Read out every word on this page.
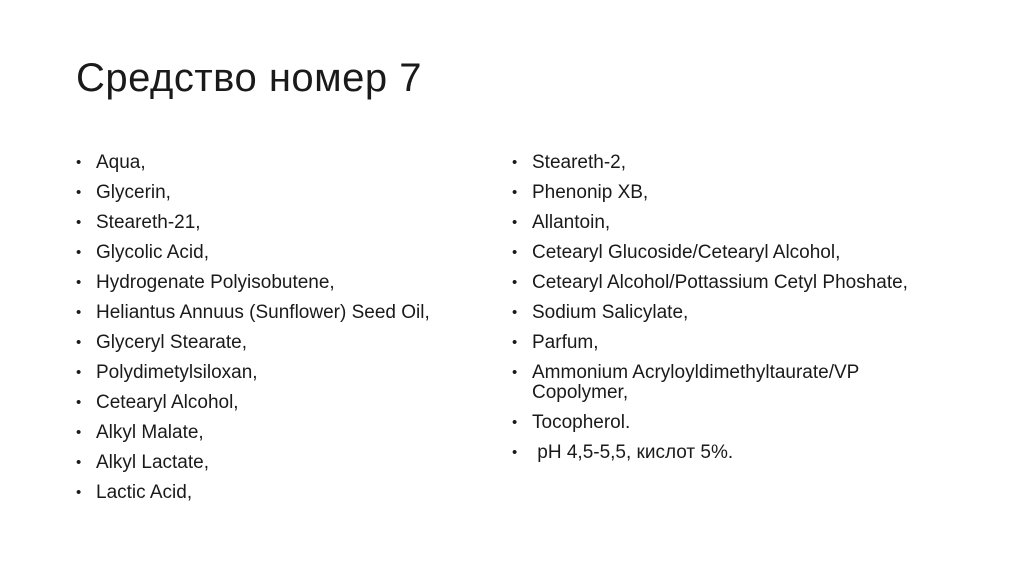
Средство номер 7
• Aqua,
• Glycerin,
• Steareth-21,
• Glycolic Acid,
• Hydrogenate Polyisobutene,
• Heliantus Annuus (Sunflower) Seed Oil,
• Glyceryl Stearate,
• Polydimetylsiloxan,
• Cetearyl Alcohol,
• Alkyl Malate,
• Alkyl Lactate,
• Lactic Acid,
• Steareth-2,
• Phenonip XB,
• Allantoin,
• Cetearyl Glucoside/Cetearyl Alcohol,
• Cetearyl Alcohol/Pottassium Cetyl Phoshate,
• Sodium Salicylate,
• Parfum,
• Ammonium Acryloyldimethyltaurate/VP Copolymer,
• Tocopherol.
• pH 4,5-5,5, кислот 5%.
